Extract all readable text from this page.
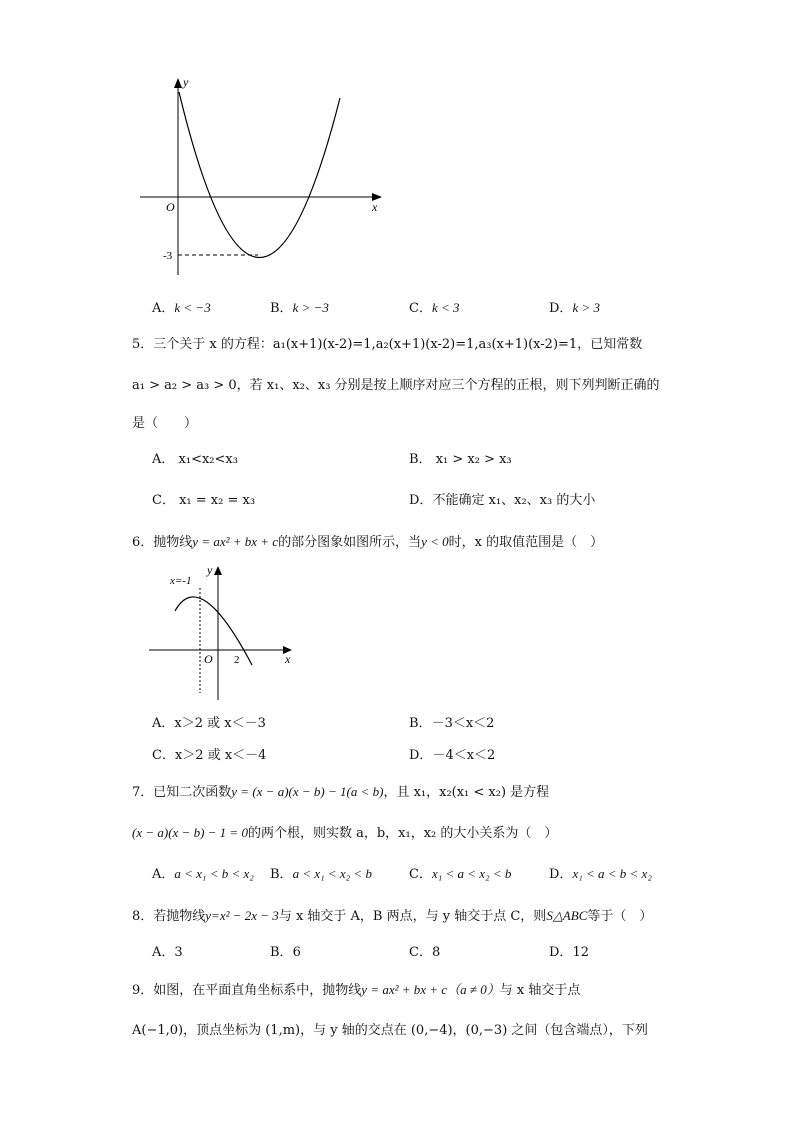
y
x
O
-3
A．k < −3	B．k > −3	C．k < 3	D．k > 3
5．三个关于 x 的方程：a₁(x+1)(x-2)=1,a₂(x+1)(x-2)=1,a₃(x+1)(x-2)=1，已知常数
a₁ > a₂ > a₃ > 0，若 x₁、x₂、x₃ 分别是按上顺序对应三个方程的正根，则下列判断正确的
是（　　）
A． x₁<x₂<x₃	B． x₁ > x₂ > x₃
C． x₁ = x₂ = x₃	D．不能确定 x₁、x₂、x₃ 的大小
6．抛物线y = ax² + bx + c的部分图象如图所示，当y < 0时，x 的取值范围是（　）
x=-1
y
x
O 2
A．x＞2 或 x＜－3	B．－3＜x＜2
C．x＞2 或 x＜－4	D．－4＜x＜2
7．已知二次函数y = (x − a)(x − b) − 1(a < b)，且 x₁，x₂(x₁ < x₂) 是方程
(x − a)(x − b) − 1 = 0的两个根，则实数 a，b，x₁，x₂ 的大小关系为（　）
A．a < x₁ < b < x₂ B．a < x₁ < x₂ < b	C．x₁ < a < x₂ < b	D．x₁ < a < b < x₂
8．若抛物线y=x² − 2x − 3与 x 轴交于 A，B 两点，与 y 轴交于点 C，则S△ABC等于（　）
A．3	B．6	C．8	D．12
9．如图，在平面直角坐标系中，抛物线y = ax² + bx + c（a ≠ 0）与 x 轴交于点
A(−1,0)，顶点坐标为 (1,m)，与 y 轴的交点在 (0,−4)，(0,−3) 之间（包含端点），下列
